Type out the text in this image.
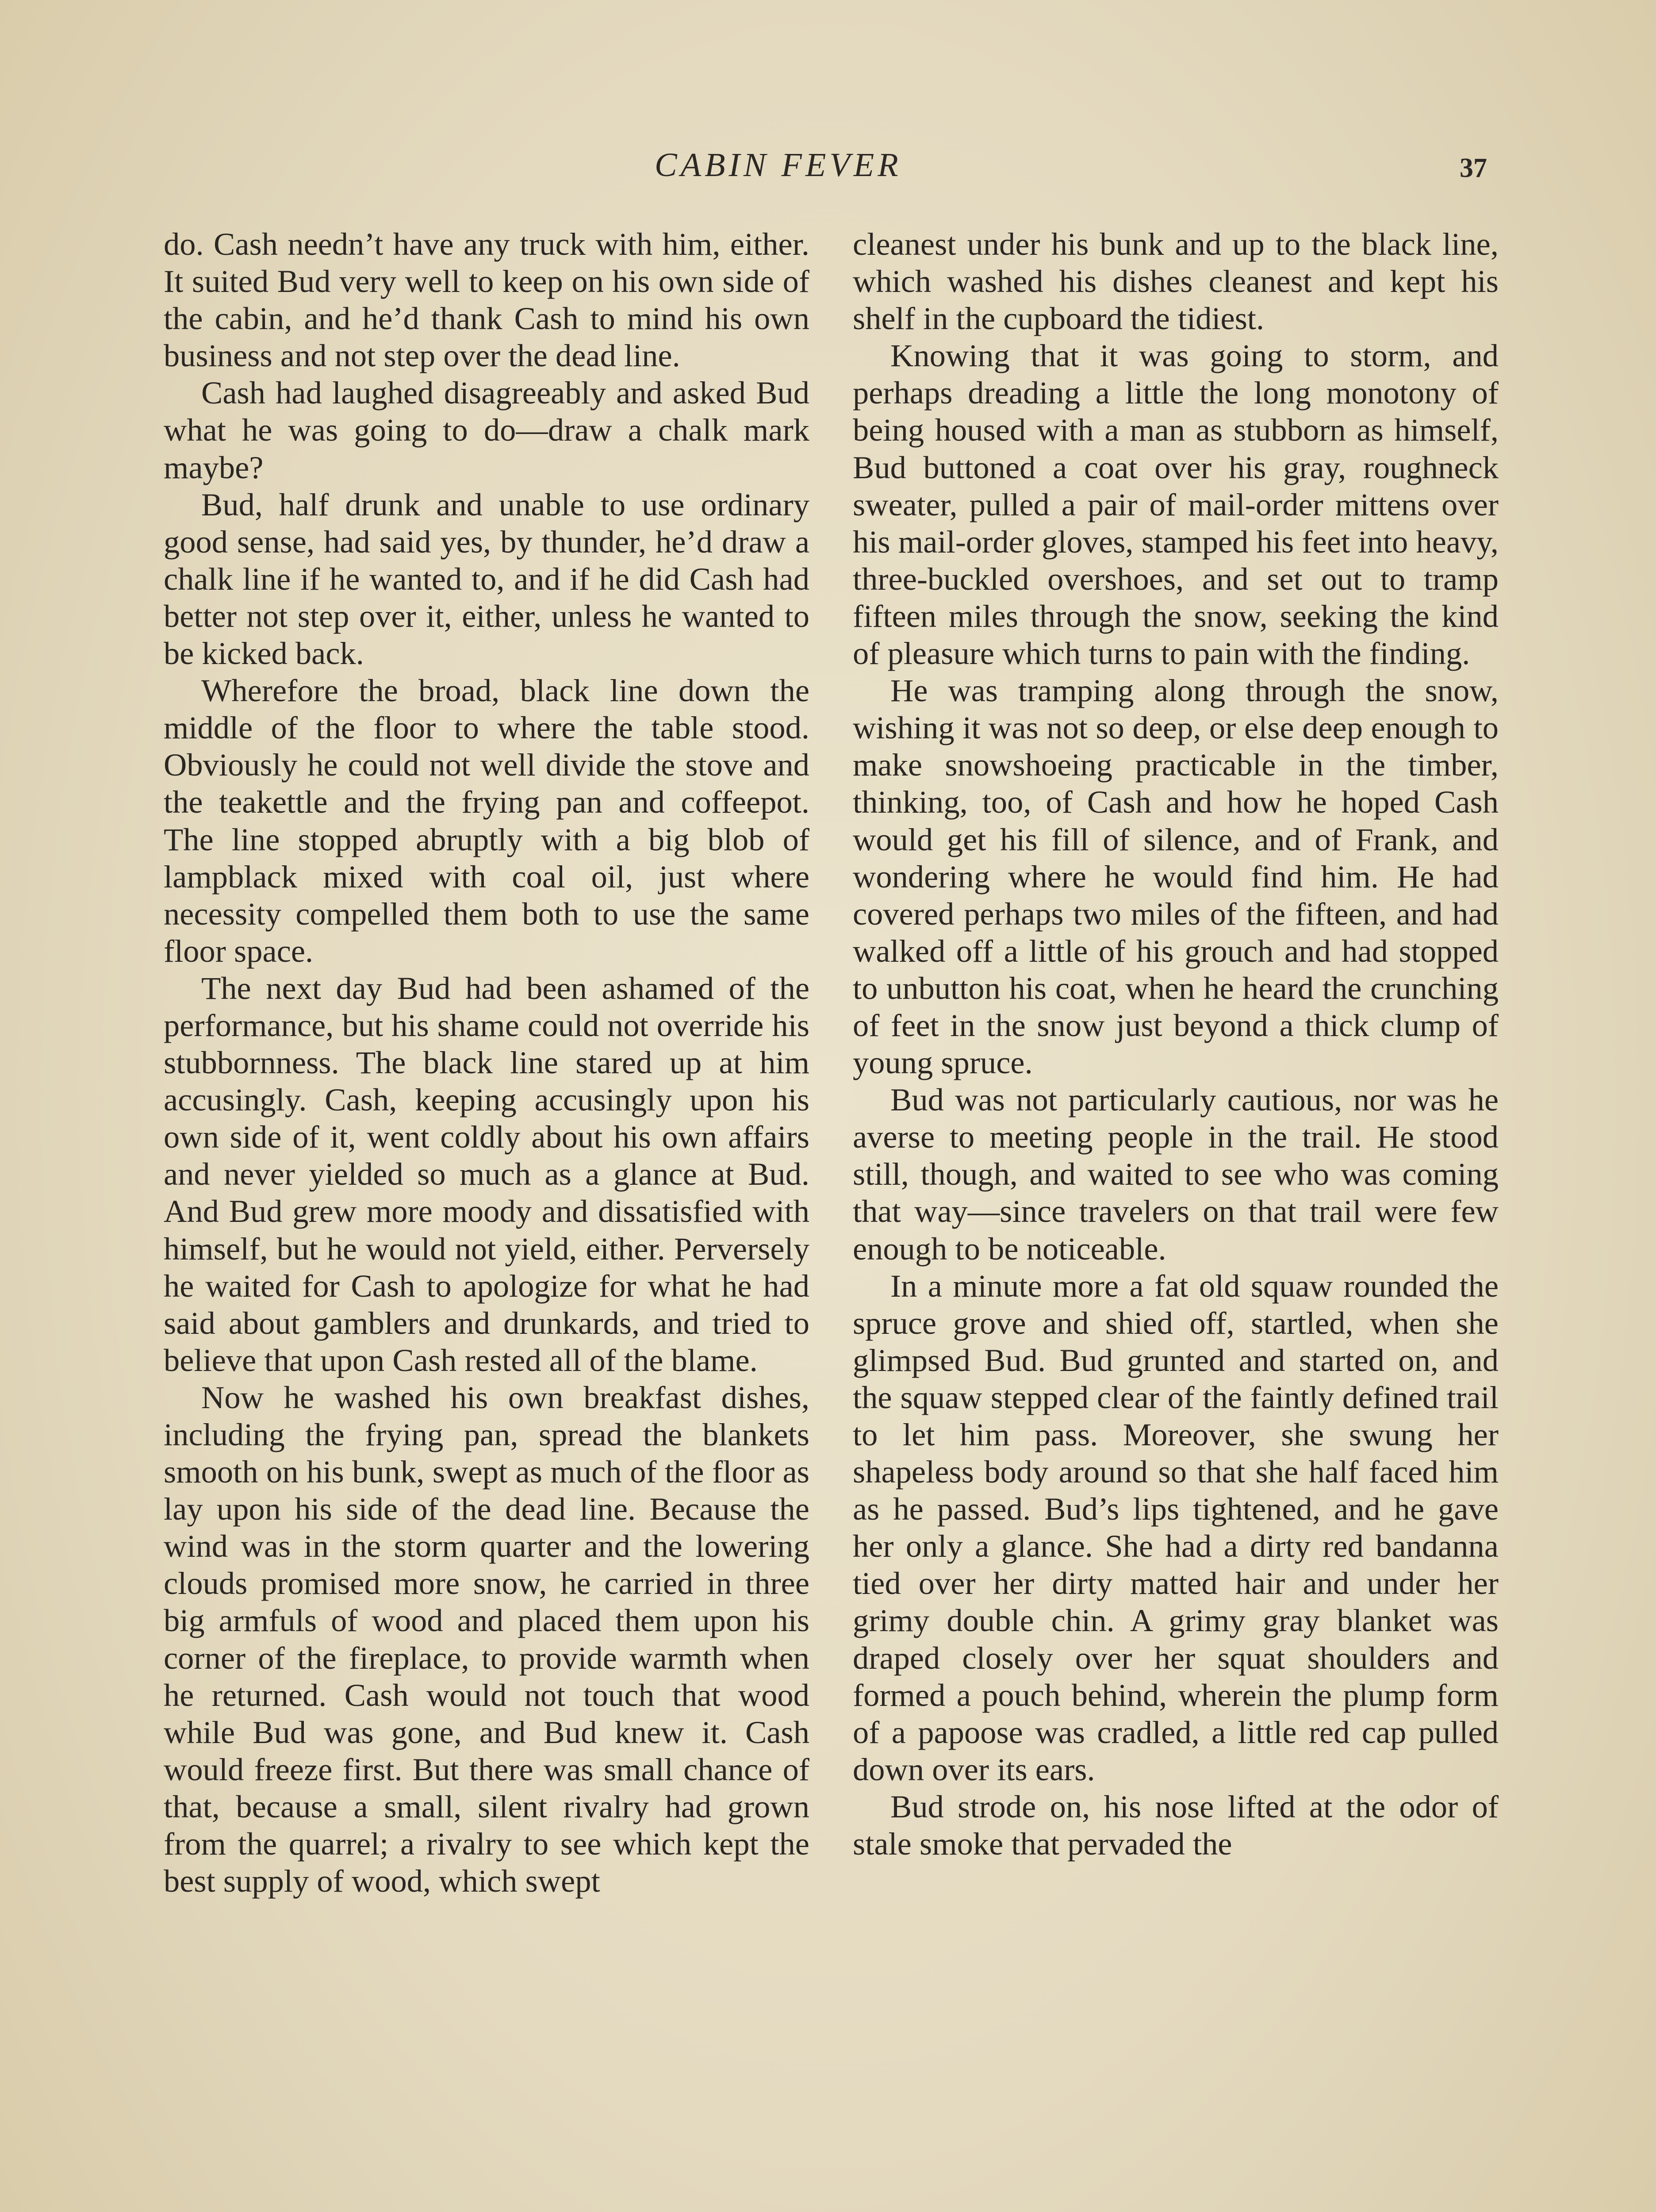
CABIN FEVER	37

do. Cash needn’t have any truck with him, either. It suited Bud very well to keep on his own side of the cabin, and he’d thank Cash to mind his own business and not step over the dead line.

Cash had laughed disagreeably and asked Bud what he was going to do—draw a chalk mark maybe?

Bud, half drunk and unable to use ordinary good sense, had said yes, by thunder, he’d draw a chalk line if he wanted to, and if he did Cash had better not step over it, either, unless he wanted to be kicked back.

Wherefore the broad, black line down the middle of the floor to where the table stood. Obviously he could not well divide the stove and the teakettle and the frying pan and coffeepot. The line stopped abruptly with a big blob of lampblack mixed with coal oil, just where necessity compelled them both to use the same floor space.

The next day Bud had been ashamed of the performance, but his shame could not override his stubbornness. The black line stared up at him accusingly. Cash, keeping accusingly upon his own side of it, went coldly about his own affairs and never yielded so much as a glance at Bud. And Bud grew more moody and dissatisfied with himself, but he would not yield, either. Perversely he waited for Cash to apologize for what he had said about gamblers and drunkards, and tried to believe that upon Cash rested all of the blame.

Now he washed his own breakfast dishes, including the frying pan, spread the blankets smooth on his bunk, swept as much of the floor as lay upon his side of the dead line. Because the wind was in the storm quarter and the lowering clouds promised more snow, he carried in three big armfuls of wood and placed them upon his corner of the fireplace, to provide warmth when he returned. Cash would not touch that wood while Bud was gone, and Bud knew it. Cash would freeze first. But there was small chance of that, because a small, silent rivalry had grown from the quarrel; a rivalry to see which kept the best supply of wood, which swept

cleanest under his bunk and up to the black line, which washed his dishes cleanest and kept his shelf in the cupboard the tidiest.

Knowing that it was going to storm, and perhaps dreading a little the long monotony of being housed with a man as stubborn as himself, Bud buttoned a coat over his gray, roughneck sweater, pulled a pair of mail-order mittens over his mail-order gloves, stamped his feet into heavy, three-buckled overshoes, and set out to tramp fifteen miles through the snow, seeking the kind of pleasure which turns to pain with the finding.

He was tramping along through the snow, wishing it was not so deep, or else deep enough to make snowshoeing practicable in the timber, thinking, too, of Cash and how he hoped Cash would get his fill of silence, and of Frank, and wondering where he would find him. He had covered perhaps two miles of the fifteen, and had walked off a little of his grouch and had stopped to unbutton his coat, when he heard the crunching of feet in the snow just beyond a thick clump of young spruce.

Bud was not particularly cautious, nor was he averse to meeting people in the trail. He stood still, though, and waited to see who was coming that way—since travelers on that trail were few enough to be noticeable.

In a minute more a fat old squaw rounded the spruce grove and shied off, startled, when she glimpsed Bud. Bud grunted and started on, and the squaw stepped clear of the faintly defined trail to let him pass. Moreover, she swung her shapeless body around so that she half faced him as he passed. Bud’s lips tightened, and he gave her only a glance. She had a dirty red bandanna tied over her dirty matted hair and under her grimy double chin. A grimy gray blanket was draped closely over her squat shoulders and formed a pouch behind, wherein the plump form of a papoose was cradled, a little red cap pulled down over its ears.

Bud strode on, his nose lifted at the odor of stale smoke that pervaded the
